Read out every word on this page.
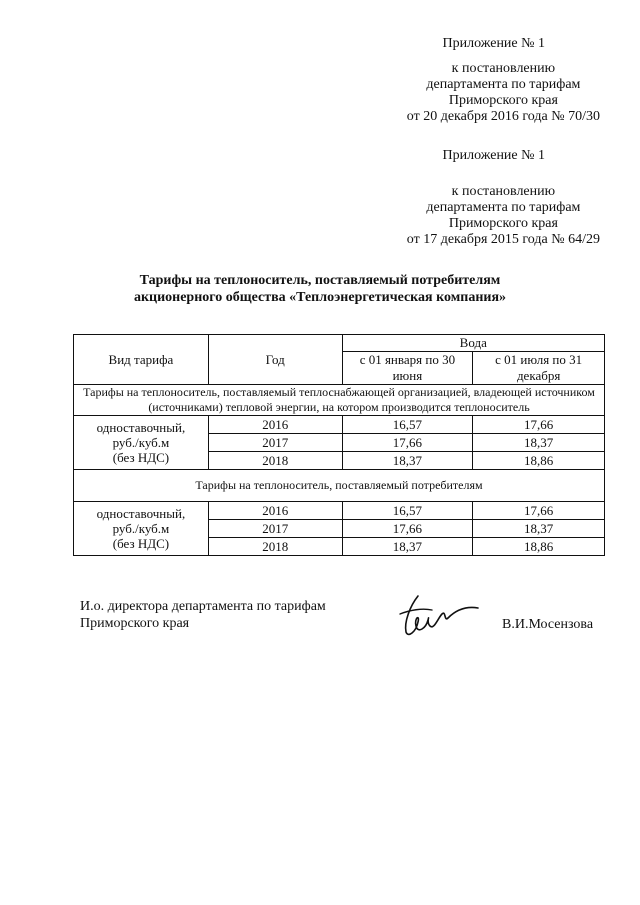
Приложение № 1
к постановлению
департамента по тарифам
Приморского края
от 20 декабря 2016 года № 70/30
Приложение № 1
к постановлению
департамента по тарифам
Приморского края
от 17 декабря 2015 года № 64/29
Тарифы на теплоноситель, поставляемый потребителям
акционерного общества «Теплоэнергетическая компания»
Вид тарифа	Год	Вода	
		с 01 января по 30 июня	с 01 июля по 31 декабря
Тарифы на теплоноситель, поставляемый теплоснабжающей организацией, владеющей источником (источниками) тепловой энергии, на котором производится теплоноситель			

одноставочный,
руб./куб.м
(без НДС)	2016	16,57	17,66
	2017	17,66	18,37
	2018	18,37	18,86
Тарифы на теплоноситель, поставляемый потребителям			

одноставочный,
руб./куб.м
(без НДС)	2016	16,57	17,66
	2017	17,66	18,37
	2018	18,37	18,86
И.о. директора департамента по тарифам
Приморского края	В.И.Мосензова
